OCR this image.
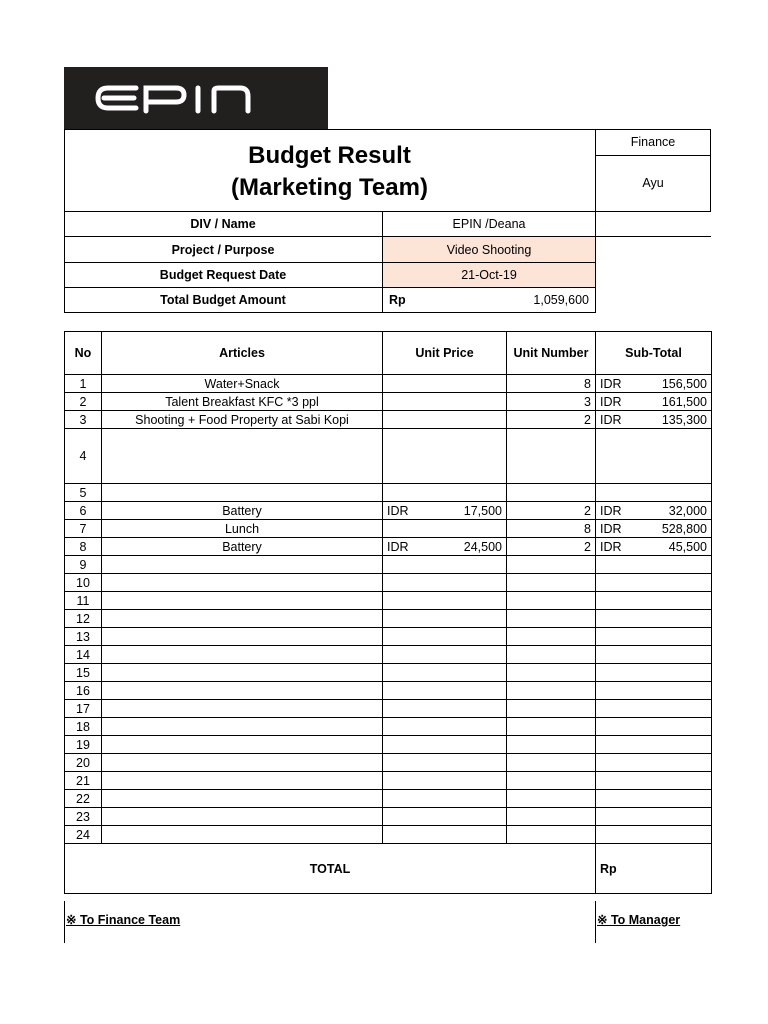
Budget Result
(Marketing Team)
Finance
Ayu
DIV / Name	EPIN /Deana
Project / Purpose	Video Shooting
Budget Request Date	21-Oct-19
Total Budget Amount	Rp	1,059,600
No	Articles	Unit Price	Unit Number	Sub-Total
1	Water+Snack		8	IDR 156,500

2	Talent Breakfast KFC *3 ppl		3	IDR 161,500

3	Shooting + Food Property at Sabi Kopi		2	IDR 135,300

4		

5		

6	Battery	IDR 17,500	2	IDR 32,000

7	Lunch		8	IDR 528,800

8	Battery	IDR 24,500	2	IDR 45,500

9		

10		

11		

12		

13		

14		

15		

16		

17		

18		

19		

20		

21		

22		

23		

24		

TOTAL				Rp
※ To Finance Team	※ To Manager
